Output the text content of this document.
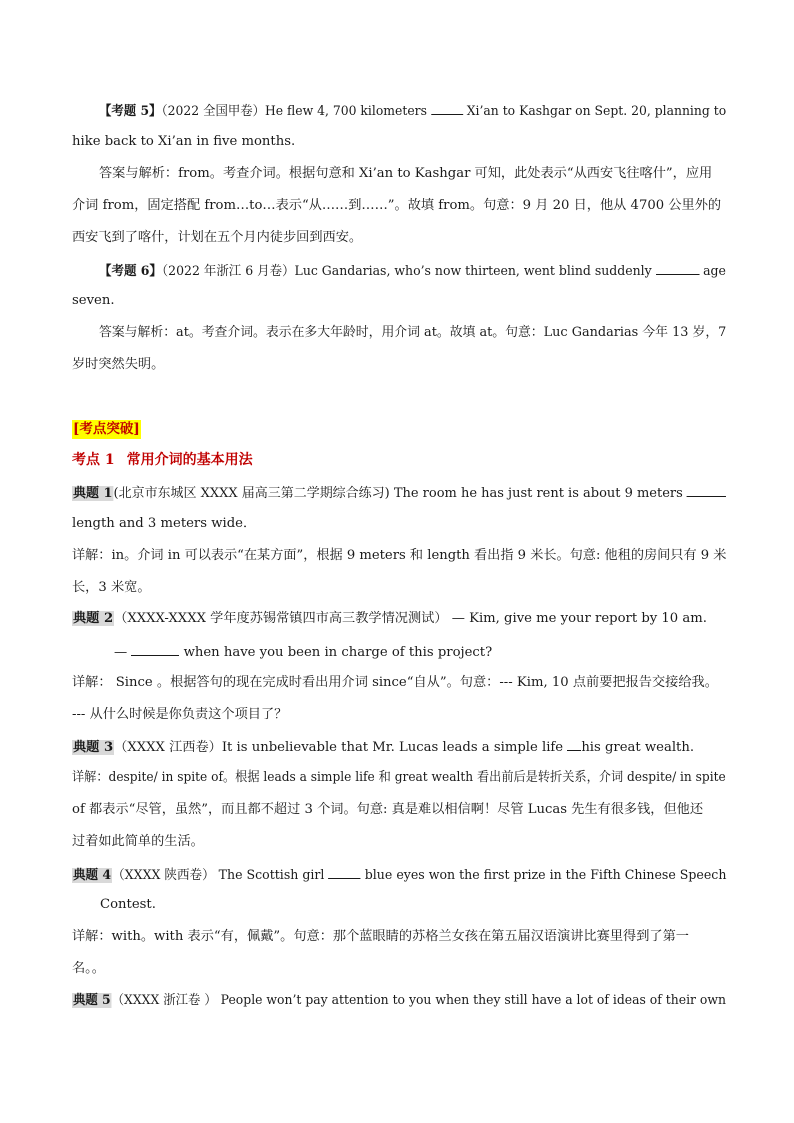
【考题 5】（2022 全国甲卷）He flew 4, 700 kilometers  Xi’an to Kashgar on Sept. 20, planning to
hike back to Xi’an in five months.
答案与解析：from。考查介词。根据句意和 Xi’an to Kashgar 可知，此处表示“从西安飞往喀什”，应用
介词 from，固定搭配 from…to…表示“从……到……”。故填 from。句意：9 月 20 日，他从 4700 公里外的
西安飞到了喀什，计划在五个月内徒步回到西安。
【考题 6】（2022 年浙江 6 月卷）Luc Gandarias, who’s now thirteen, went blind suddenly	age
seven.
答案与解析：at。考查介词。表示在多大年龄时，用介词 at。故填 at。句意：Luc Gandarias 今年 13 岁，7
岁时突然失明。
[考点突破]
考点 1 常用介词的基本用法
典题 1(北京市东城区 XXXX 届高三第二学期综合练习) The room he has just rent is about 9 meters
length and 3 meters wide．
详解：in。介词 in 可以表示“在某方面”，根据 9 meters 和 length 看出指 9 米长。句意: 他租的房间只有 9 米
长，3 米宽。
典题 2（XXXX-XXXX 学年度苏锡常镇四市高三教学情况测试） — Kim, give me your report by 10 am.
—	when have you been in charge of this project?
详解： Since 。根据答句的现在完成时看出用介词 since“自从”。句意：--- Kim, 10 点前要把报告交接给我。
--- 从什么时候是你负责这个项目了？
典题 3（XXXX 江西卷）It is unbelievable that Mr. Lucas leads a simple life his great wealth.
详解：despite/ in spite of。根据 leads a simple life 和 great wealth 看出前后是转折关系，介词 despite/ in spite
of 都表示“尽管，虽然”，而且都不超过 3 个词。句意: 真是难以相信啊！尽管 Lucas 先生有很多钱，但他还
过着如此简单的生活。
典题 4（XXXX 陕西卷） The Scottish girl  blue eyes won the first prize in the Fifth Chinese Speech
Contest.
详解：with。with 表示“有，佩戴”。句意：那个蓝眼睛的苏格兰女孩在第五届汉语演讲比赛里得到了第一
名。。
典题 5（XXXX 浙江卷 ） People won’t pay attention to you when they still have a lot of ideas of their own
